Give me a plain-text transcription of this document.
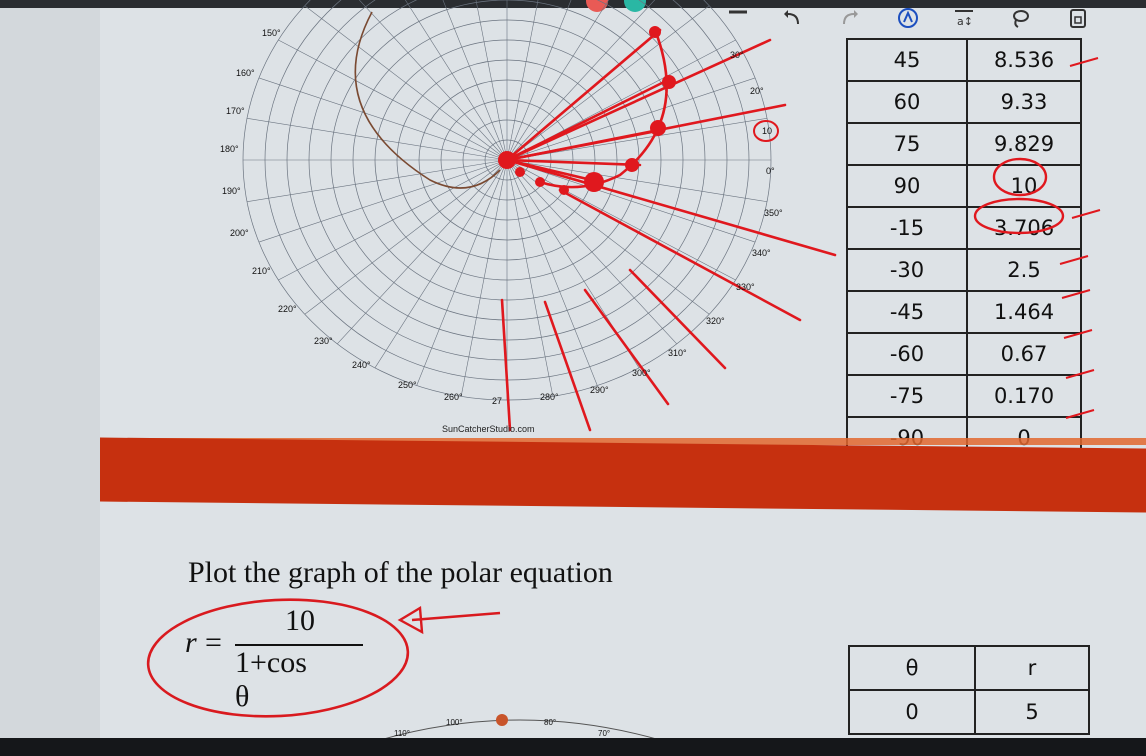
a↕
150°
160°
170°
180°
190°
200°
210°
220°
230°
240°
250°
260°	27	280°
290°
300°
310°
320°
330°
340°
350°
0°
10
20°
30°
SunCatcherStudio.com
45	8.536
60	9.33
75	9.829
90	10
-15	3.706
-30	2.5
-45	1.464
-60	0.67
-75	0.170

Plot the graph of the polar equation
r =
10
1+cos θ
110°
100°	80°
70°
θ	r
0	5
